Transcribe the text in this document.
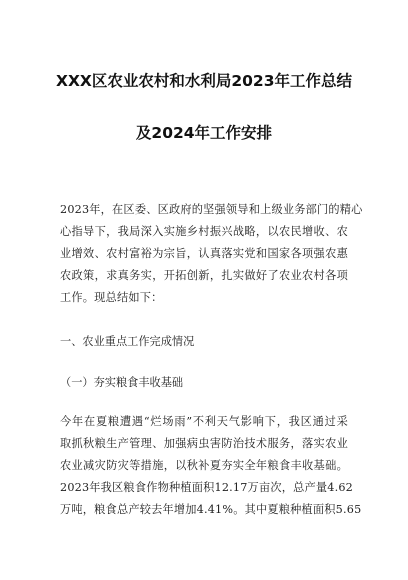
XXX区农业农村和水利局2023年工作总结
及2024年工作安排
2023年，在区委、区政府的坚强领导和上级业务部门的精心
心指导下，我局深入实施乡村振兴战略，以农民增收、农
业增效、农村富裕为宗旨，认真落实党和国家各项强农惠
农政策，求真务实，开拓创新，扎实做好了农业农村各项
工作。现总结如下：
一、农业重点工作完成情况
（一）夯实粮食丰收基础
今年在夏粮遭遇“烂场雨”不利天气影响下，我区通过采
取抓秋粮生产管理、加强病虫害防治技术服务，落实农业
农业减灾防灾等措施，以秋补夏夯实全年粮食丰收基础。
2023年我区粮食作物种植面积12.17万亩次，总产量4.62
万吨，粮食总产较去年增加4.41%。其中夏粮种植面积5.65
